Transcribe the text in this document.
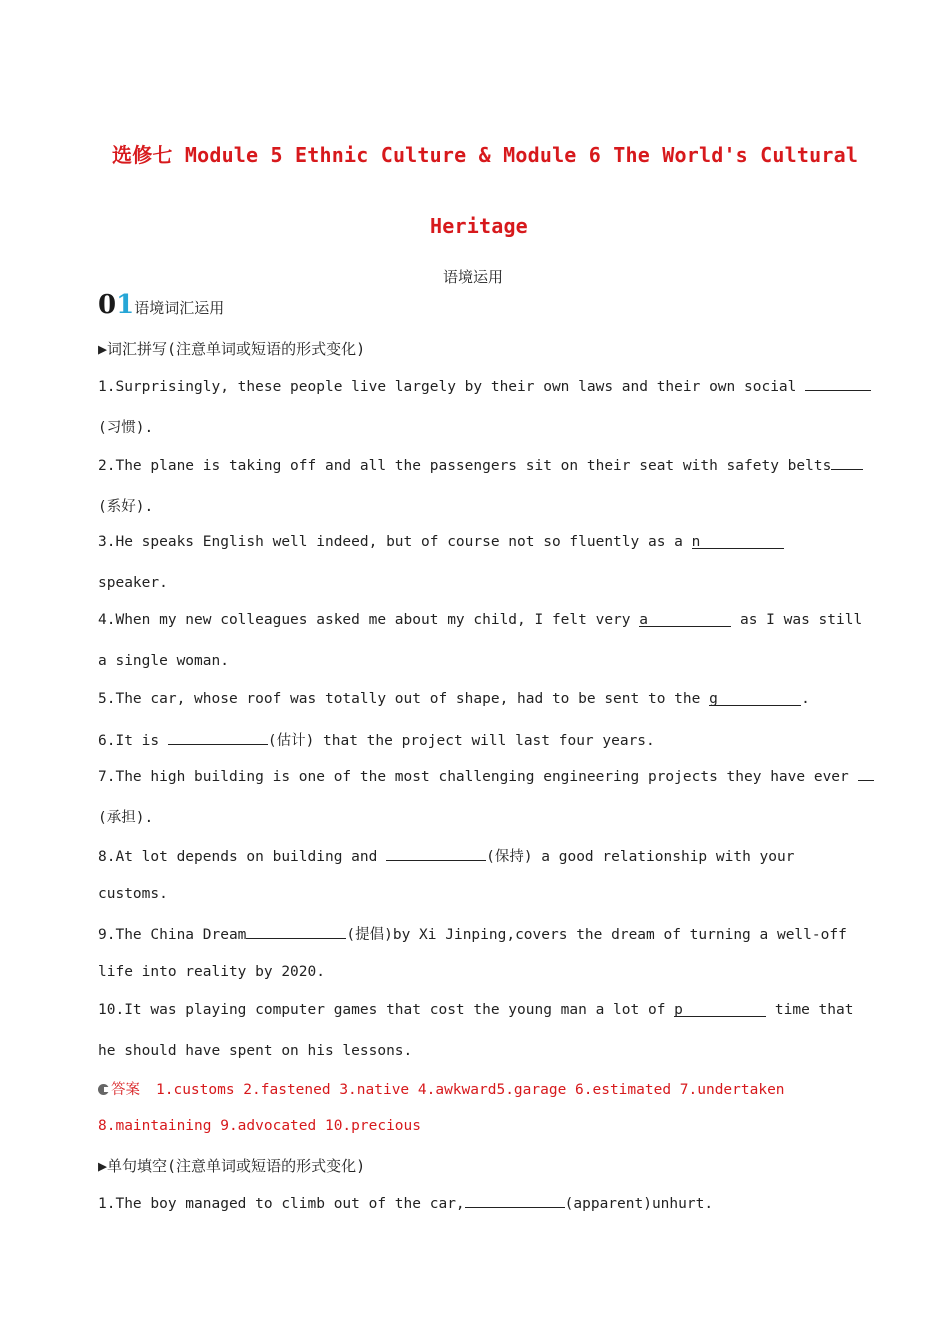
选修七 Module 5 Ethnic Culture & Module 6 The World's Cultural
Heritage
语境运用
01语境词汇运用
▶词汇拼写(注意单词或短语的形式变化)
1.Surprisingly, these people live largely by their own laws and their own social
(习惯).
2.The plane is taking off and all the passengers sit on their seat with safety belts
(系好).
3.He speaks English well indeed, but of course not so fluently as a n
speaker.
4.When my new colleagues asked me about my child, I felt very a	as I was still
a single woman.
5.The car, whose roof was totally out of shape, had to be sent to the g	.
6.It is	(估计) that the project will last four years.
7.The high building is one of the most challenging engineering projects they have ever
(承担).
8.At lot depends on building and	(保持) a good relationship with your
customs.
9.The China Dream	(提倡)by Xi Jinping,covers the dream of turning a well-off
life into reality by 2020.
10.It was playing computer games that cost the young man a lot of p	time that
he should have spent on his lessons.
答案 1.customs 2.fastened 3.native 4.awkward5.garage 6.estimated 7.undertaken
8.maintaining 9.advocated 10.precious
▶单句填空(注意单词或短语的形式变化)
1.The boy managed to climb out of the car,	(apparent)unhurt.
